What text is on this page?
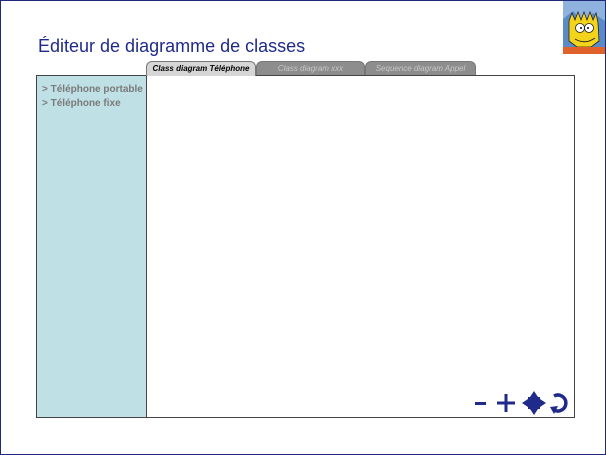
Éditeur de diagramme de classes
Class diagram Téléphone	Class diagram xxx	Sequence diagram Appel
> Téléphone portable
> Téléphone fixe
